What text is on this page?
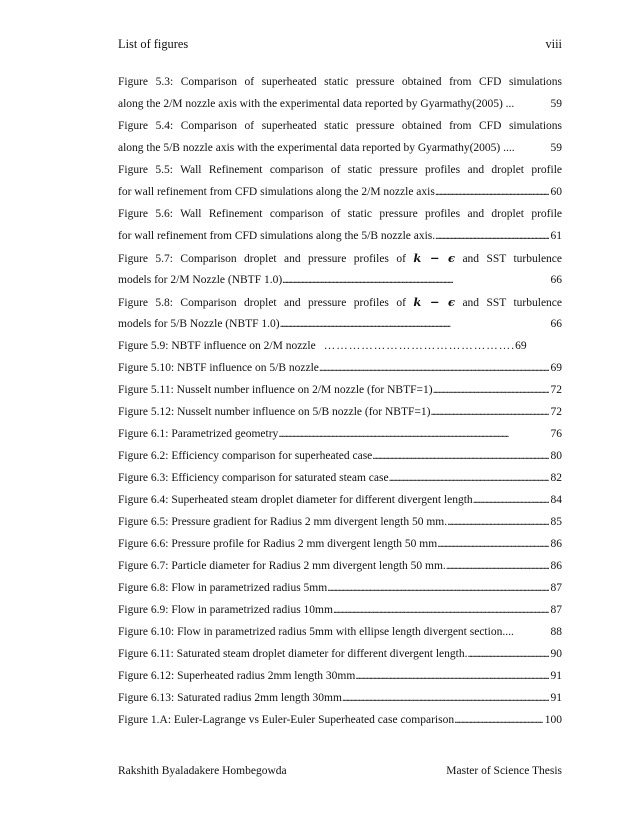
List of figures	viii
Figure 5.3: Comparison of superheated static pressure obtained from CFD simulations
along the 2/M nozzle axis with the experimental data reported by Gyarmathy(2005) ...	59
Figure 5.4: Comparison of superheated static pressure obtained from CFD simulations
along the 5/B nozzle axis with the experimental data reported by Gyarmathy(2005) ....	59
Figure 5.5: Wall Refinement comparison of static pressure profiles and droplet profile
for wall refinement from CFD simulations along the 2/M nozzle axis . . .	60
Figure 5.6: Wall Refinement comparison of static pressure profiles and droplet profile
for wall refinement from CFD simulations along the 5/B nozzle axis. . . .	61
Figure 5.7: Comparison droplet and pressure profiles of k − ϵ and SST turbulence
models for 2/M Nozzle (NBTF 1.0) . . .	66
Figure 5.8: Comparison droplet and pressure profiles of k − ϵ and SST turbulence
models for 5/B Nozzle (NBTF 1.0) . . .	66
Figure 5.9: NBTF influence on 2/M nozzle ………………………………………. 69
Figure 5.10: NBTF influence on 5/B nozzle . . .	69
Figure 5.11: Nusselt number influence on 2/M nozzle (for NBTF=1) . . .	72
Figure 5.12: Nusselt number influence on 5/B nozzle (for NBTF=1) . . .	72
Figure 6.1: Parametrized geometry . . .	76
Figure 6.2: Efficiency comparison for superheated case . . .	80
Figure 6.3: Efficiency comparison for saturated steam case . . .	82
Figure 6.4: Superheated steam droplet diameter for different divergent length . . .	84
Figure 6.5: Pressure gradient for Radius 2 mm divergent length 50 mm. . . .	85
Figure 6.6: Pressure profile for Radius 2 mm divergent length 50 mm . . .	86
Figure 6.7: Particle diameter for Radius 2 mm divergent length 50 mm. . . .	86
Figure 6.8: Flow in parametrized radius 5mm . . .	87
Figure 6.9: Flow in parametrized radius 10mm . . .	87
Figure 6.10: Flow in parametrized radius 5mm with ellipse length divergent section....	88
Figure 6.11: Saturated steam droplet diameter for different divergent length. . . .	90
Figure 6.12: Superheated radius 2mm length 30mm . . .	91
Figure 6.13: Saturated radius 2mm length 30mm . . .	91
Figure 1.A: Euler-Lagrange vs Euler-Euler Superheated case comparison . . .	100
Rakshith Byaladakere Hombegowda	Master of Science Thesis
